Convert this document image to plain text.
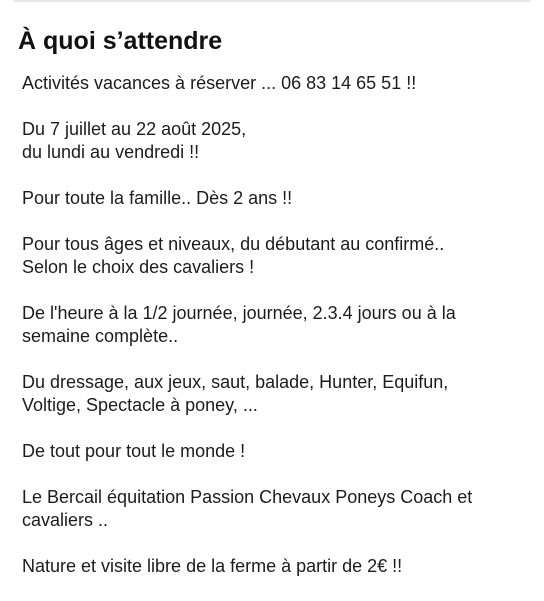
À quoi s’attendre

Activités vacances à réserver ... 06 83 14 65 51 !!

Du 7 juillet au 22 août 2025,
du lundi au vendredi !!

Pour toute la famille.. Dès 2 ans !!

Pour tous âges et niveaux, du débutant au confirmé..
Selon le choix des cavaliers !

De l'heure à la 1/2 journée, journée, 2.3.4 jours ou à la
semaine complète..

Du dressage, aux jeux, saut, balade, Hunter, Equifun,
Voltige, Spectacle à poney, ...

De tout pour tout le monde !

Le Bercail équitation Passion Chevaux Poneys Coach et
cavaliers ..

Nature et visite libre de la ferme à partir de 2€ !!
